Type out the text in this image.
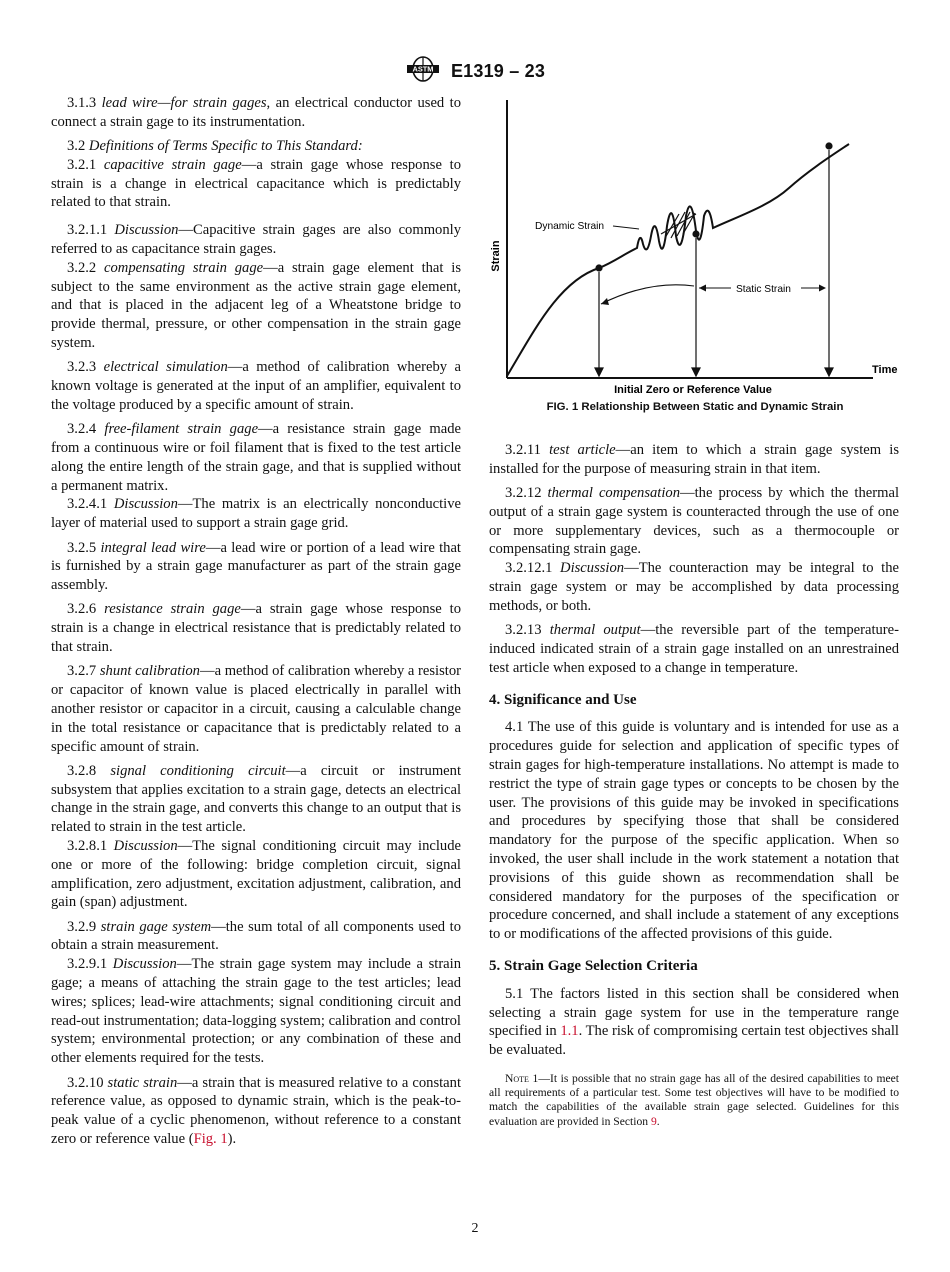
ASTM E1319 – 23

3.1.3 lead wire—for strain gages, an electrical conductor used to connect a strain gage to its instrumentation.

3.2 Definitions of Terms Specific to This Standard:

3.2.1 capacitive strain gage—a strain gage whose response to strain is a change in electrical capacitance which is predictably related to that strain.

3.2.1.1 Discussion—Capacitive strain gages are also commonly referred to as capacitance strain gages.

3.2.2 compensating strain gage—a strain gage element that is subject to the same environment as the active strain gage element, and that is placed in the adjacent leg of a Wheatstone bridge to provide thermal, pressure, or other compensation in the strain gage system.

3.2.3 electrical simulation—a method of calibration whereby a known voltage is generated at the input of an amplifier, equivalent to the voltage produced by a specific amount of strain.

3.2.4 free-filament strain gage—a resistance strain gage made from a continuous wire or foil filament that is fixed to the test article along the entire length of the strain gage, and that is supplied without a permanent matrix.

3.2.4.1 Discussion—The matrix is an electrically nonconductive layer of material used to support a strain gage grid.

3.2.5 integral lead wire—a lead wire or portion of a lead wire that is furnished by a strain gage manufacturer as part of the strain gage assembly.

3.2.6 resistance strain gage—a strain gage whose response to strain is a change in electrical resistance that is predictably related to that strain.

3.2.7 shunt calibration—a method of calibration whereby a resistor or capacitor of known value is placed electrically in parallel with another resistor or capacitor in a circuit, causing a calculable change in the total resistance or capacitance that is predictably related to a specific amount of strain.

3.2.8 signal conditioning circuit—a circuit or instrument subsystem that applies excitation to a strain gage, detects an electrical change in the strain gage, and converts this change to an output that is related to strain in the test article.

3.2.8.1 Discussion—The signal conditioning circuit may include one or more of the following: bridge completion circuit, signal amplification, zero adjustment, excitation adjustment, calibration, and gain (span) adjustment.

3.2.9 strain gage system—the sum total of all components used to obtain a strain measurement.

3.2.9.1 Discussion—The strain gage system may include a strain gage; a means of attaching the strain gage to the test articles; lead wires; splices; lead-wire attachments; signal conditioning circuit and read-out instrumentation; data-logging system; calibration and control system; environmental protection; or any combination of these and other elements required for the tests.

3.2.10 static strain—a strain that is measured relative to a constant reference value, as opposed to dynamic strain, which is the peak-to-peak value of a cyclic phenomenon, without reference to a constant zero or reference value (Fig. 1).

Strain
Time
Dynamic Strain
Static Strain
Initial Zero or Reference Value
FIG. 1 Relationship Between Static and Dynamic Strain

3.2.11 test article—an item to which a strain gage system is installed for the purpose of measuring strain in that item.

3.2.12 thermal compensation—the process by which the thermal output of a strain gage system is counteracted through the use of one or more supplementary devices, such as a thermocouple or compensating strain gage.

3.2.12.1 Discussion—The counteraction may be integral to the strain gage system or may be accomplished by data processing methods, or both.

3.2.13 thermal output—the reversible part of the temperature-induced indicated strain of a strain gage installed on an unrestrained test article when exposed to a change in temperature.

4. Significance and Use

4.1 The use of this guide is voluntary and is intended for use as a procedures guide for selection and application of specific types of strain gages for high-temperature installations. No attempt is made to restrict the type of strain gage types or concepts to be chosen by the user. The provisions of this guide may be invoked in specifications and procedures by specifying those that shall be considered mandatory for the purpose of the specific application. When so invoked, the user shall include in the work statement a notation that provisions of this guide shown as recommendation shall be considered mandatory for the purposes of the specification or procedure concerned, and shall include a statement of any exceptions to or modifications of the affected provisions of this guide.

5. Strain Gage Selection Criteria

5.1 The factors listed in this section shall be considered when selecting a strain gage system for use in the temperature range specified in 1.1. The risk of compromising certain test objectives shall be evaluated.

Note 1—It is possible that no strain gage has all of the desired capabilities to meet all requirements of a particular test. Some test objectives will have to be modified to match the capabilities of the available strain gage selected. Guidelines for this evaluation are provided in Section 9.

2
